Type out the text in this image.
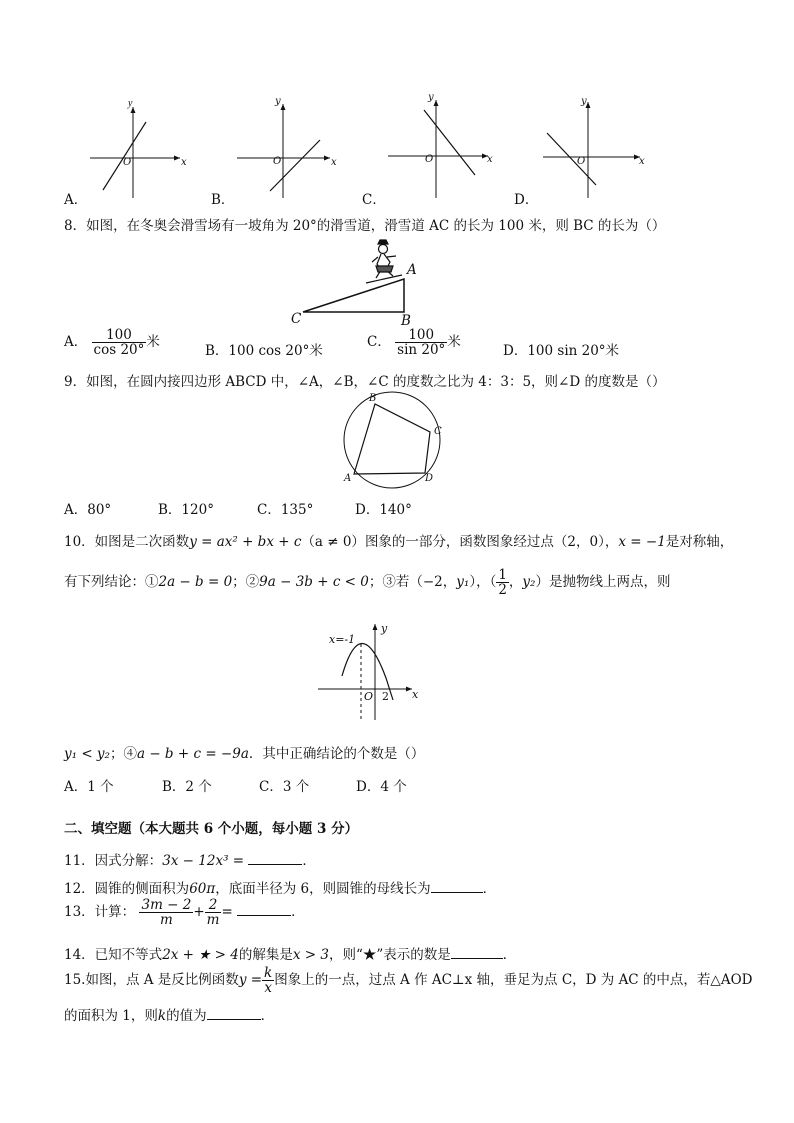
y
x
O
y
x
O
y
x
O
y
x
O
A．	B．	C．	D．
8．如图，在冬奥会滑雪场有一坡角为 20°的滑雪道，滑雪道 AC 的长为 100 米，则 BC 的长为（）
A
B
C
A． $\frac{100}{\cos 20^\circ}$ 米
B．100 cos 20°米
C． $\frac{100}{\sin 20^\circ}$ 米
D．100 sin 20°米
9．如图，在圆内接四边形 ABCD 中，∠A，∠B，∠C 的度数之比为 4：3：5，则∠D 的度数是（）
B
C
A	D
A．80°	B．120°	C．135°	D．140°
10．如图是二次函数y = ax² + bx + c（a ≠ 0）图象的一部分，函数图象经过点（2，0），x = −1是对称轴，
有下列结论：①2a − b = 0；②9a − 3b + c < 0；③若（−2，y₁），（ $\frac{1}{2}$ ，y₂）是抛物线上两点，则
x=-1
y
x
O 2
y₁ < y₂；④a − b + c = −9a．其中正确结论的个数是（）
A．1 个	B．2 个	C．3 个	D．4 个
二、填空题（本大题共 6 个小题，每小题 3 分）
11．因式分解：3x − 12x³ =	．
12．圆锥的侧面积为60π，底面半径为 6，则圆锥的母线长为	．
13．计算： $\frac{3m - 2}{m} + \frac{2}{m}$ =	．
14．已知不等式2x + ★ > 4的解集是x > 3，则“★”表示的数是	．
15.如图，点 A 是反比例函数$y = \frac{k}{x}$ 图象上的一点，过点 A 作 AC⊥x 轴，垂足为点 C，D 为 AC 的中点，若△AOD
的面积为 1，则k的值为	．
